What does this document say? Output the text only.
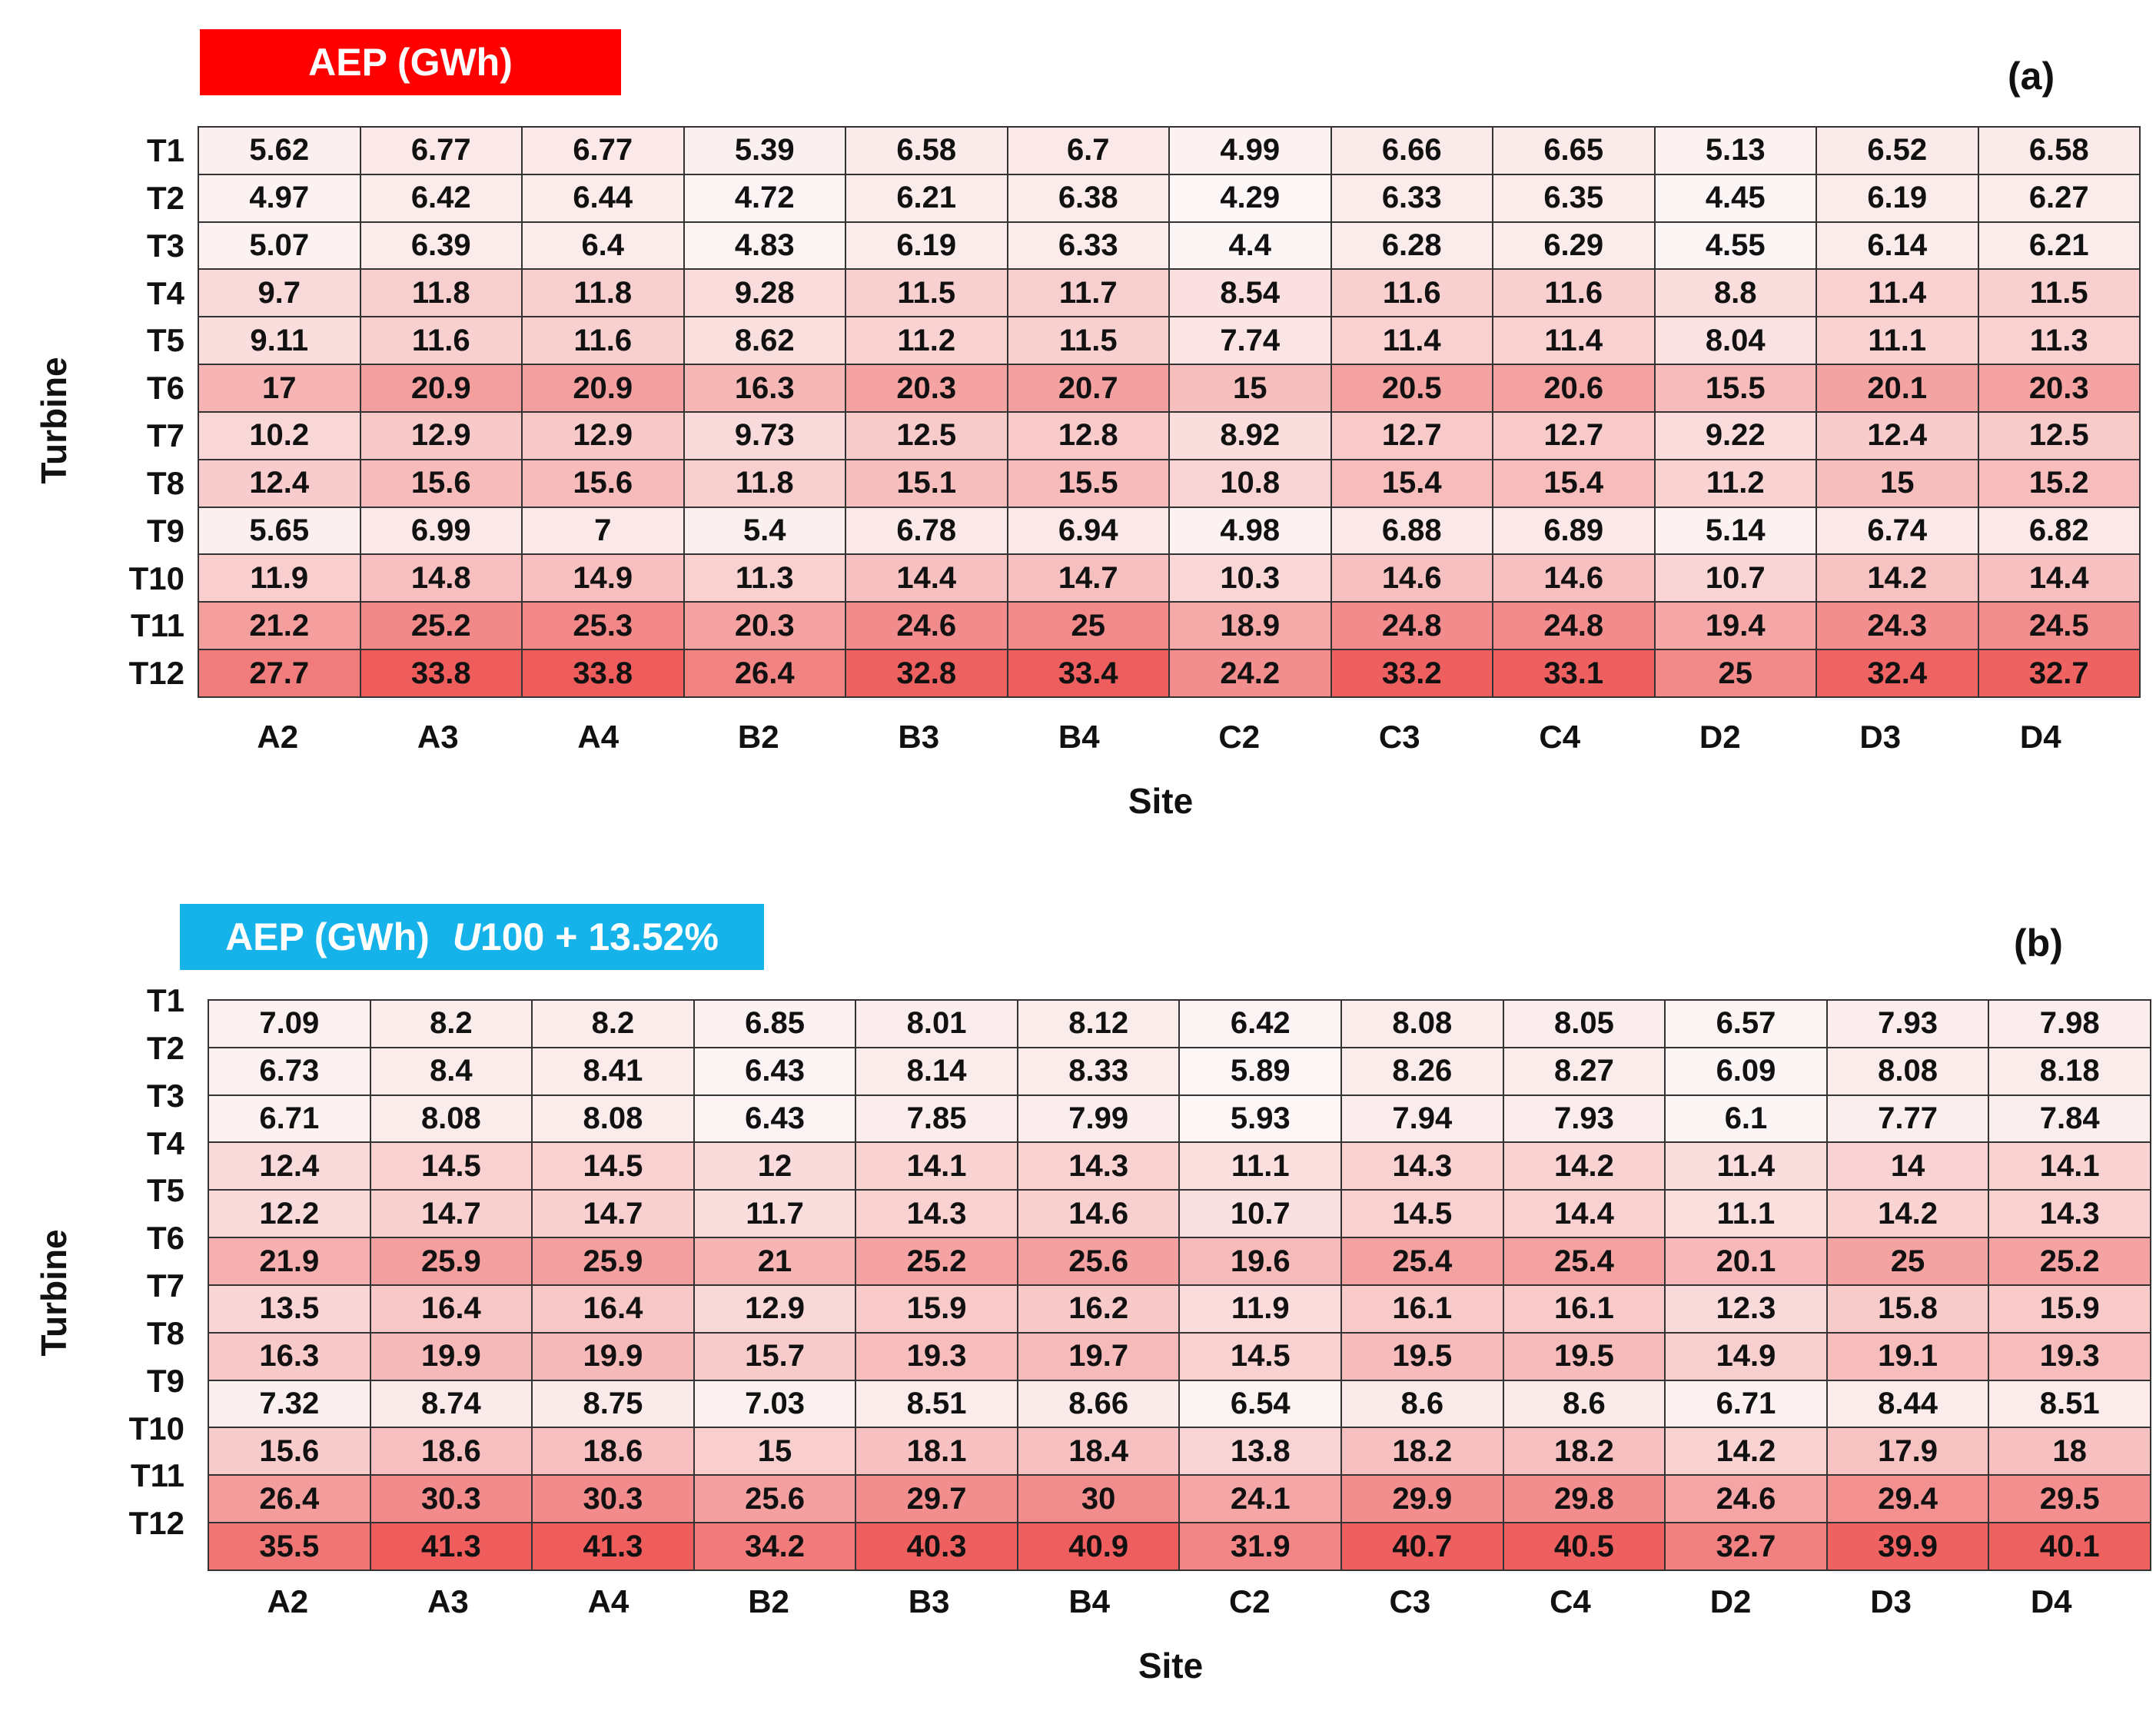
AEP (GWh)	(a)
5.62	6.77	6.77	5.39	6.58	6.7	4.99	6.66	6.65	5.13	6.52	6.58
4.97	6.42	6.44	4.72	6.21	6.38	4.29	6.33	6.35	4.45	6.19	6.27
5.07	6.39	6.4	4.83	6.19	6.33	4.4	6.28	6.29	4.55	6.14	6.21
9.7	11.8	11.8	9.28	11.5	11.7	8.54	11.6	11.6	8.8	11.4	11.5
9.11	11.6	11.6	8.62	11.2	11.5	7.74	11.4	11.4	8.04	11.1	11.3
17	20.9	20.9	16.3	20.3	20.7	15	20.5	20.6	15.5	20.1	20.3
10.2	12.9	12.9	9.73	12.5	12.8	8.92	12.7	12.7	9.22	12.4	12.5
12.4	15.6	15.6	11.8	15.1	15.5	10.8	15.4	15.4	11.2	15	15.2
5.65	6.99	7	5.4	6.78	6.94	4.98	6.88	6.89	5.14	6.74	6.82
11.9	14.8	14.9	11.3	14.4	14.7	10.3	14.6	14.6	10.7	14.2	14.4
21.2	25.2	25.3	20.3	24.6	25	18.9	24.8	24.8	19.4	24.3	24.5
27.7	33.8	33.8	26.4	32.8	33.4	24.2	33.2	33.1	25	32.4	32.7
Site
Turbine
T1
T2
T3
T4
T5
T6
T7
T8
T9
T10
T11
T12
A2	A3	A4	B2	B3	B4	C2	C3	C4	D2	D3	D4
AEP (GWh) U 100 + 13.52%	(b)
7.09	8.2	8.2	6.85	8.01	8.12	6.42	8.08	8.05	6.57	7.93	7.98
6.73	8.4	8.41	6.43	8.14	8.33	5.89	8.26	8.27	6.09	8.08	8.18
6.71	8.08	8.08	6.43	7.85	7.99	5.93	7.94	7.93	6.1	7.77	7.84
12.4	14.5	14.5	12	14.1	14.3	11.1	14.3	14.2	11.4	14	14.1
12.2	14.7	14.7	11.7	14.3	14.6	10.7	14.5	14.4	11.1	14.2	14.3
21.9	25.9	25.9	21	25.2	25.6	19.6	25.4	25.4	20.1	25	25.2
13.5	16.4	16.4	12.9	15.9	16.2	11.9	16.1	16.1	12.3	15.8	15.9
16.3	19.9	19.9	15.7	19.3	19.7	14.5	19.5	19.5	14.9	19.1	19.3
7.32	8.74	8.75	7.03	8.51	8.66	6.54	8.6	8.6	6.71	8.44	8.51
15.6	18.6	18.6	15	18.1	18.4	13.8	18.2	18.2	14.2	17.9	18
26.4	30.3	30.3	25.6	29.7	30	24.1	29.9	29.8	24.6	29.4	29.5
35.5	41.3	41.3	34.2	40.3	40.9	31.9	40.7	40.5	32.7	39.9	40.1
Site
Turbine
T1
T2
T3
T4
T5
T6
T7
T8
T9
T10
T11
T12
A2	A3	A4	B2	B3	B4	C2	C3	C4	D2	D3	D4
